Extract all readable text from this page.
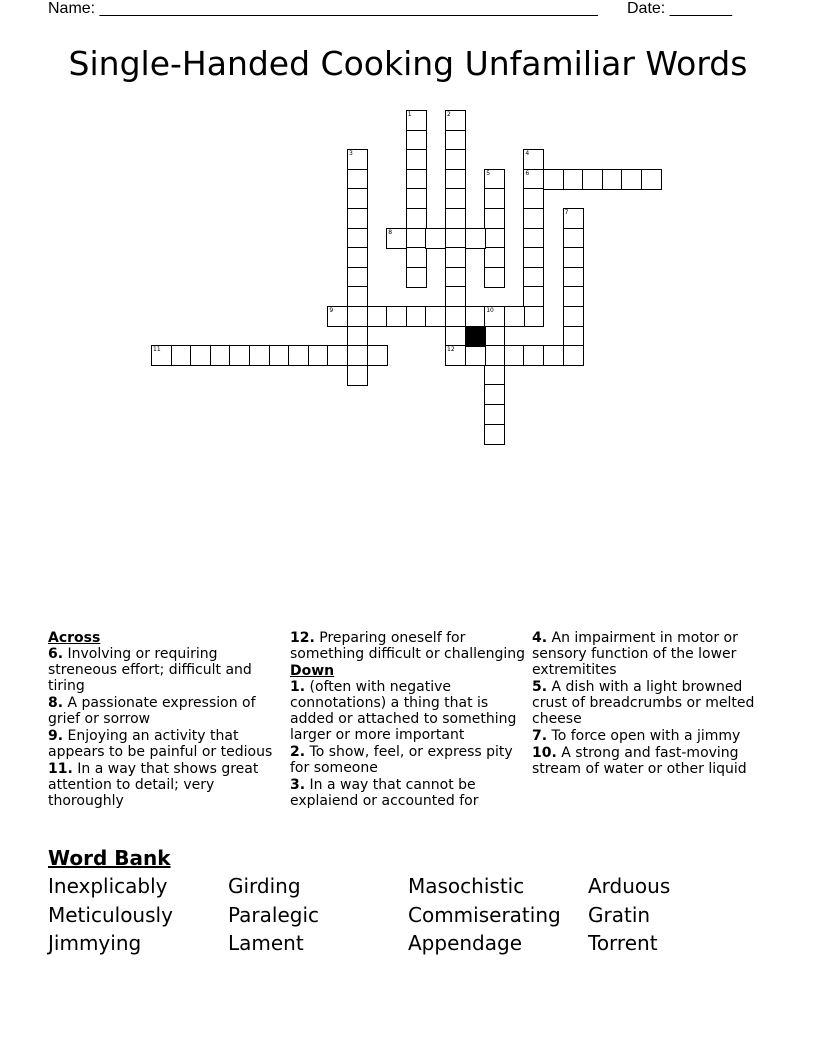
Name: ________________________________________________________ Date: _______
Single-Handed Cooking Unfamiliar Words
1	2
12
3	4
6
5
7
8
9	10
11
Across
6. Involving or requiring streneous effort; difficult and tiring
8. A passionate expression of grief or sorrow
9. Enjoying an activity that appears to be painful or tedious
11. In a way that shows great attention to detail; very thoroughly
12. Preparing oneself for something difficult or challenging
Down
1. (often with negative connotations) a thing that is added or attached to something larger or more important
2. To show, feel, or express pity for someone
3. In a way that cannot be explaiend or accounted for
4. An impairment in motor or sensory function of the lower extremitites
5. A dish with a light browned crust of breadcrumbs or melted cheese
7. To force open with a jimmy
10. A strong and fast-moving stream of water or other liquid
Word Bank
Inexplicably	Girding	Masochistic	Arduous
Meticulously	Paralegic	Commiserating Gratin
Jimmying	Lament	Appendage	Torrent
